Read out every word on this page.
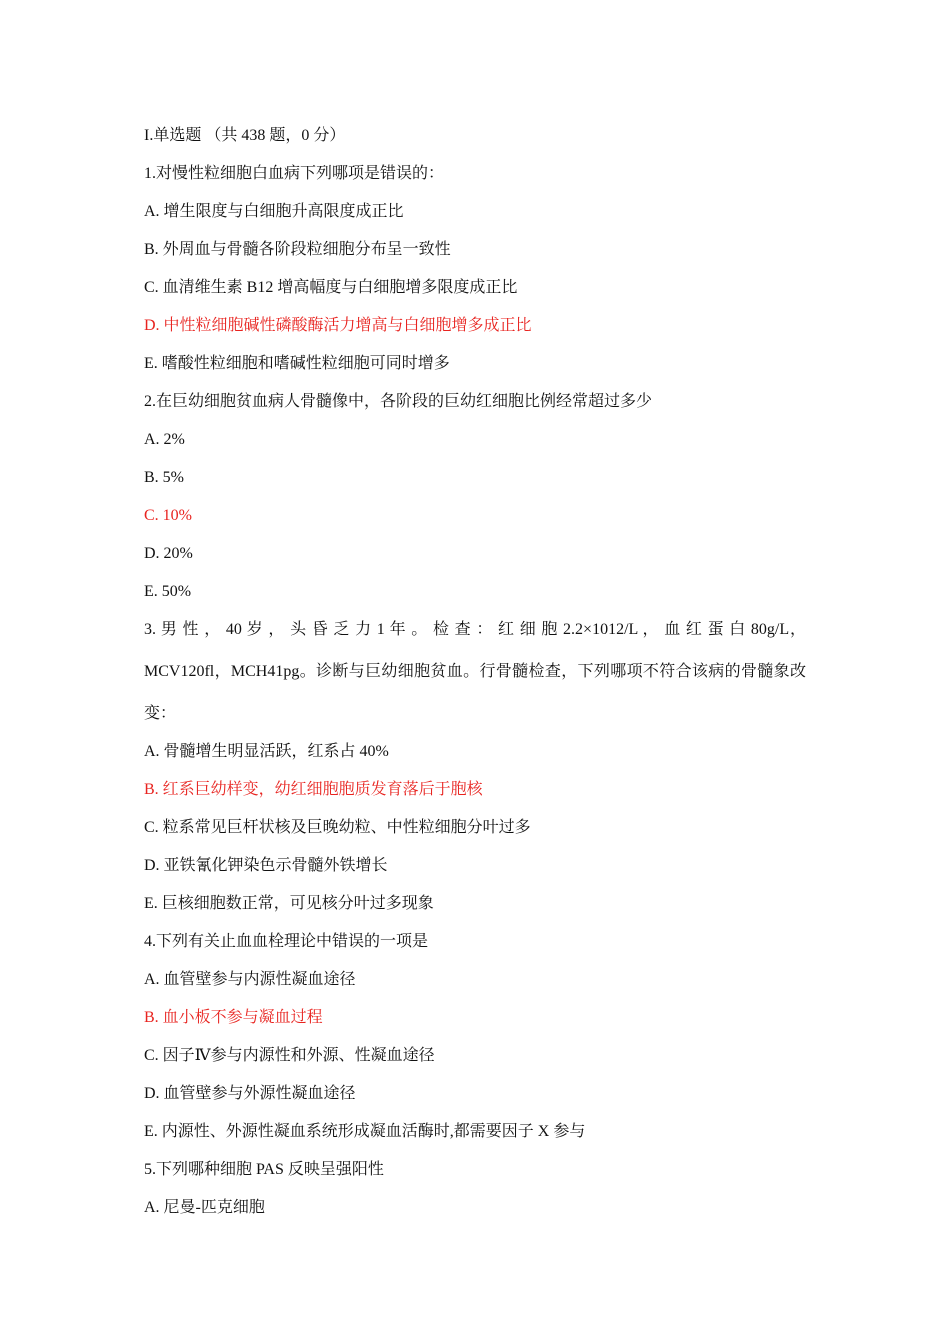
I.单选题 （共 438 题，0 分）
1.对慢性粒细胞白血病下列哪项是错误的：
A. 增生限度与白细胞升高限度成正比
B. 外周血与骨髓各阶段粒细胞分布呈一致性
C. 血清维生素 B12 增高幅度与白细胞增多限度成正比
D. 中性粒细胞碱性磷酸酶活力增高与白细胞增多成正比
E. 嗜酸性粒细胞和嗜碱性粒细胞可同时增多
2.在巨幼细胞贫血病人骨髓像中，各阶段的巨幼红细胞比例经常超过多少
A. 2%
B. 5%
C. 10%
D. 20%
E. 50%
3. 男 性 ， 40 岁 ， 头 昏 乏 力 1 年 。 检 查 ： 红 细 胞 2.2×1012/L ， 血 红 蛋 白 80g/L，MCV120fl，MCH41pg。诊断与巨幼细胞贫血。行骨髓检查，下列哪项不符合该病的骨髓象改变：
A. 骨髓增生明显活跃，红系占 40%
B. 红系巨幼样变，幼红细胞胞质发育落后于胞核
C. 粒系常见巨杆状核及巨晚幼粒、中性粒细胞分叶过多
D. 亚铁氰化钾染色示骨髓外铁增长
E. 巨核细胞数正常，可见核分叶过多现象
4.下列有关止血血栓理论中错误的一项是
A. 血管壁参与内源性凝血途径
B. 血小板不参与凝血过程
C. 因子Ⅳ参与内源性和外源、性凝血途径
D. 血管壁参与外源性凝血途径
E. 内源性、外源性凝血系统形成凝血活酶时,都需要因子 X 参与
5.下列哪种细胞 PAS 反映呈强阳性
A. 尼曼-匹克细胞
